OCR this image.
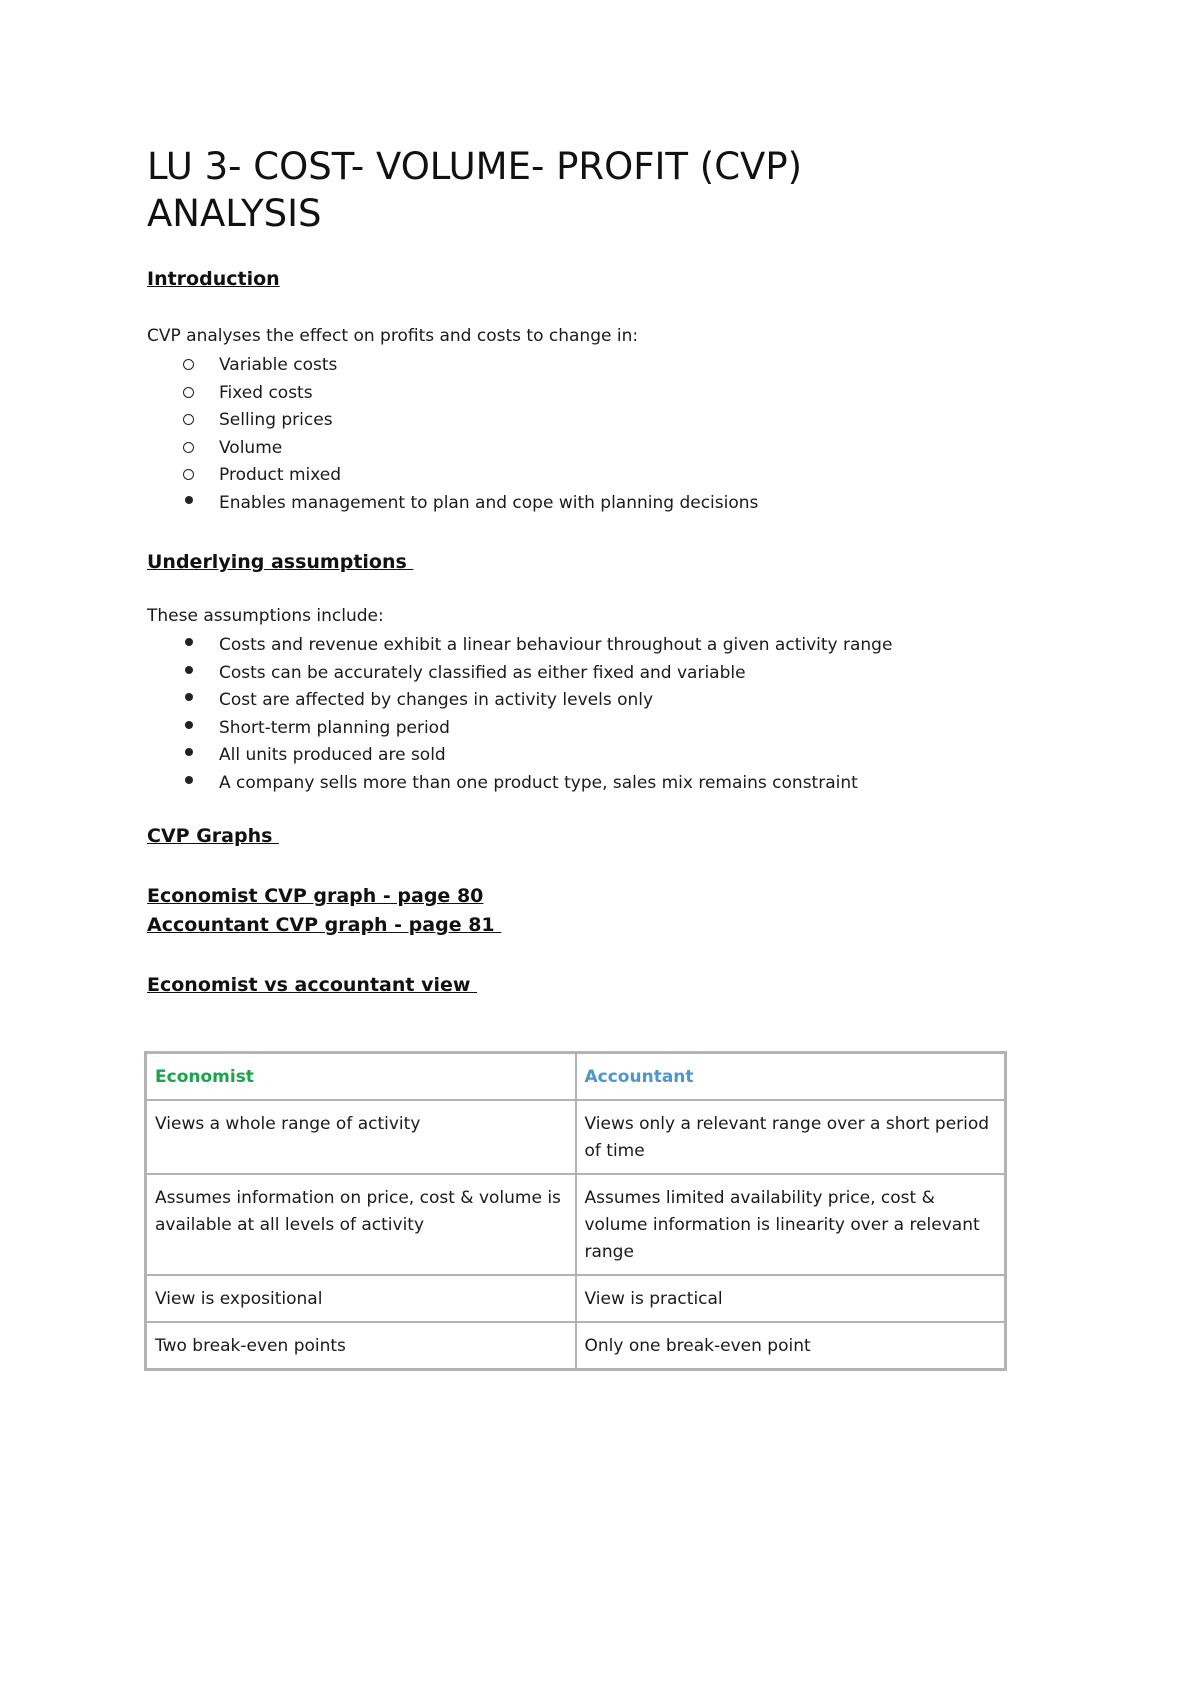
LU 3- COST- VOLUME- PROFIT (CVP) ANALYSIS
Introduction

CVP analyses the effect on profits and costs to change in:

Variable costs
Fixed costs
Selling prices
Volume
Product mixed
Enables management to plan and cope with planning decisions
Underlying assumptions

These assumptions include:

Costs and revenue exhibit a linear behaviour throughout a given activity range
Costs can be accurately classified as either fixed and variable
Cost are affected by changes in activity levels only
Short-term planning period
All units produced are sold
A company sells more than one product type, sales mix remains constraint
CVP Graphs
Economist CVP graph - page 80
Accountant CVP graph - page 81
Economist vs accountant view
Economist	Accountant
Views a whole range of activity	Views only a relevant range over a short period of time
Assumes information on price, cost & volume is available at all levels of activity	Assumes limited availability price, cost & volume information is linearity over a relevant range
View is expositional	View is practical
Two break-even points	Only one break-even point
